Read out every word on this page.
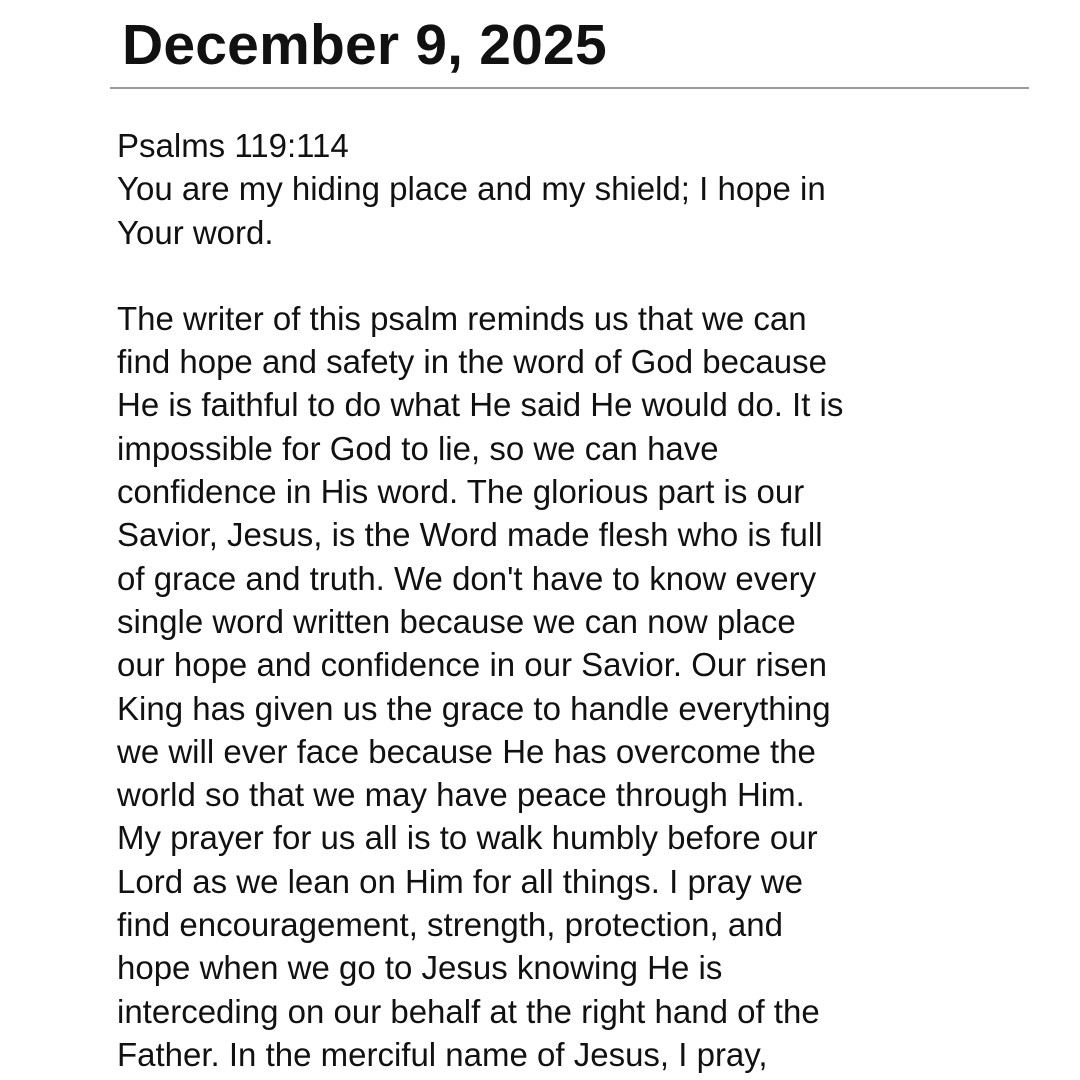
December 9, 2025
Psalms 119:114
You are my hiding place and my shield; I hope in
Your word.
The writer of this psalm reminds us that we can
find hope and safety in the word of God because
He is faithful to do what He said He would do. It is
impossible for God to lie, so we can have
confidence in His word. The glorious part is our
Savior, Jesus, is the Word made flesh who is full
of grace and truth. We don't have to know every
single word written because we can now place
our hope and confidence in our Savior. Our risen
King has given us the grace to handle everything
we will ever face because He has overcome the
world so that we may have peace through Him.
My prayer for us all is to walk humbly before our
Lord as we lean on Him for all things. I pray we
find encouragement, strength, protection, and
hope when we go to Jesus knowing He is
interceding on our behalf at the right hand of the
Father. In the merciful name of Jesus, I pray,
